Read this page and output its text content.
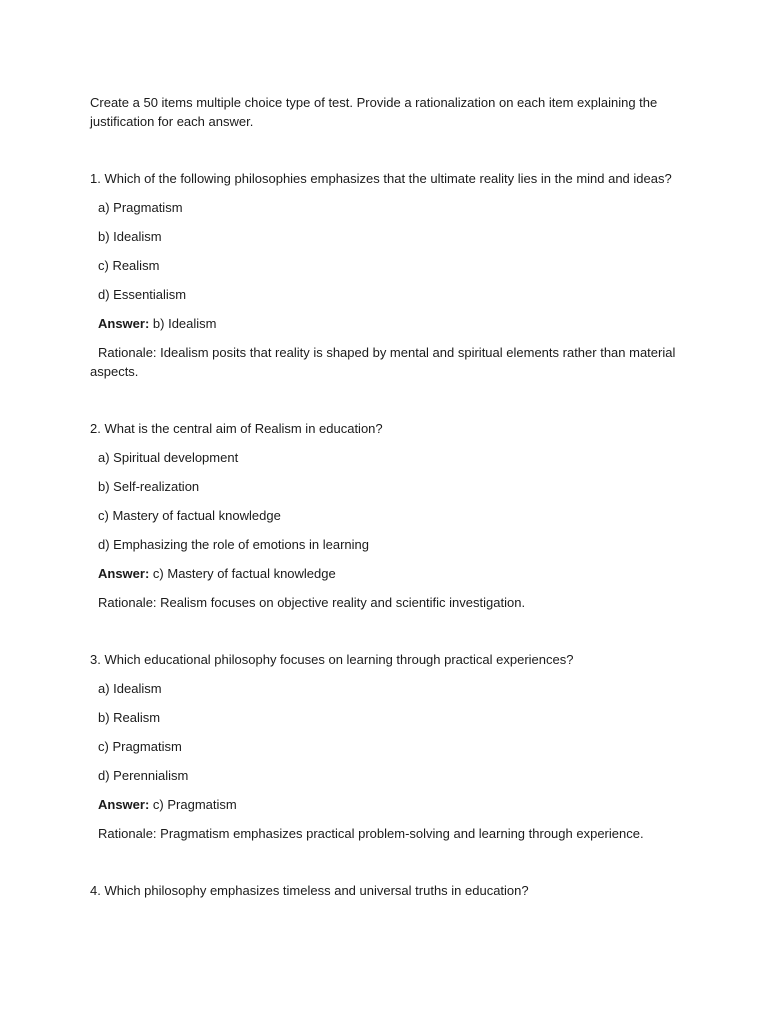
Create a 50 items multiple choice type of test. Provide a rationalization on each item explaining the justification for each answer.

1. Which of the following philosophies emphasizes that the ultimate reality lies in the mind and ideas?

a) Pragmatism

b) Idealism

c) Realism

d) Essentialism

Answer: b) Idealism

Rationale: Idealism posits that reality is shaped by mental and spiritual elements rather than material aspects.

2. What is the central aim of Realism in education?

a) Spiritual development

b) Self-realization

c) Mastery of factual knowledge

d) Emphasizing the role of emotions in learning

Answer: c) Mastery of factual knowledge

Rationale: Realism focuses on objective reality and scientific investigation.

3. Which educational philosophy focuses on learning through practical experiences?

a) Idealism

b) Realism

c) Pragmatism

d) Perennialism

Answer: c) Pragmatism

Rationale: Pragmatism emphasizes practical problem-solving and learning through experience.

4. Which philosophy emphasizes timeless and universal truths in education?
